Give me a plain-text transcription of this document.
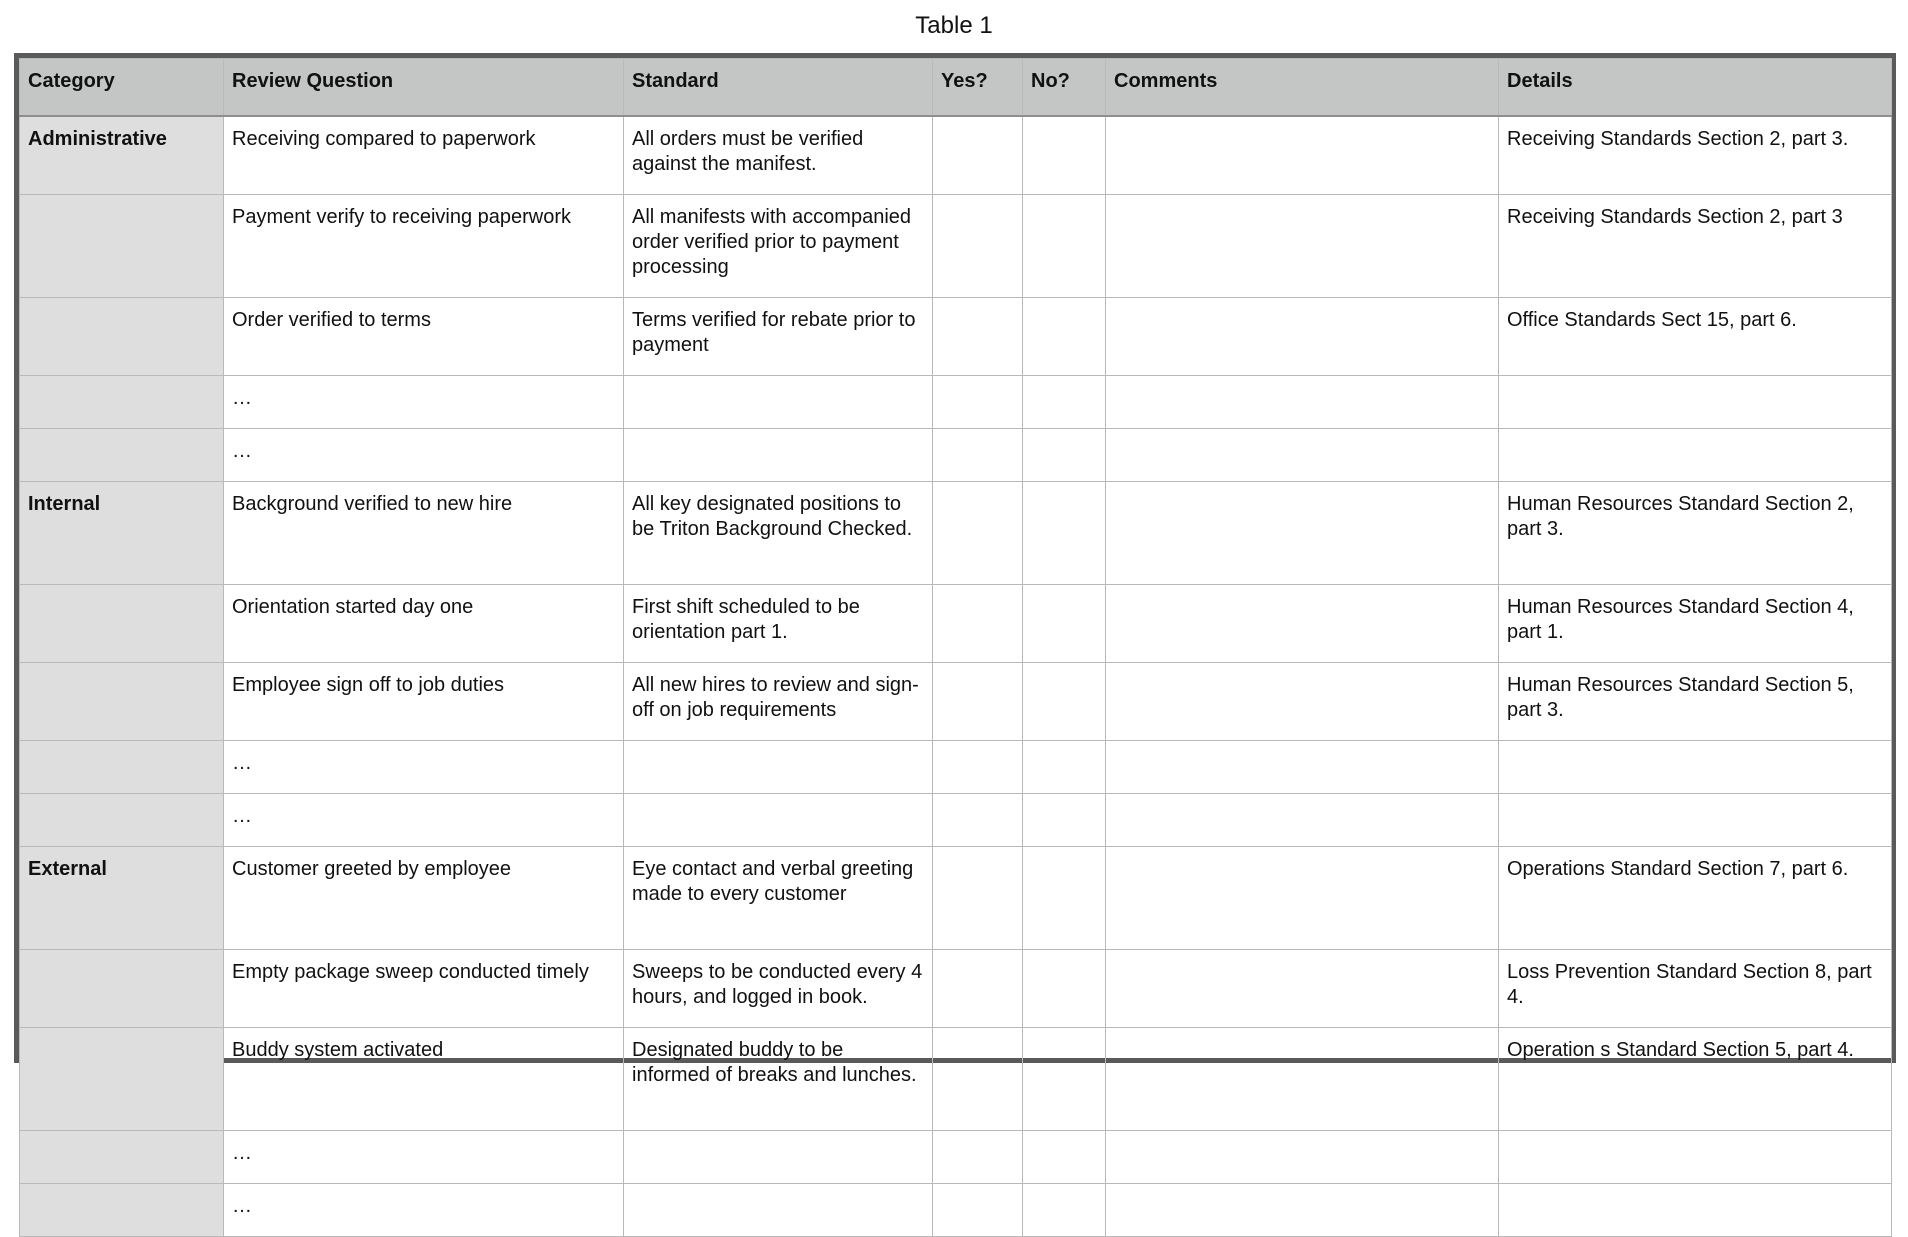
Table 1
Category	Review Question	Standard	Yes?	No?	Comments	Details
Administrative	Receiving compared to paperwork	All orders must be verified against the manifest.				Receiving Standards Section 2, part 3.
	Payment verify to receiving paperwork	All manifests with accompanied order verified prior to payment processing				Receiving Standards Section 2, part 3
	Order verified to terms	Terms verified for rebate prior to payment				Office Standards Sect 15, part 6.
	…					
	…					
Internal	Background verified to new hire	All key designated positions to be Triton Background Checked.				Human Resources Standard Section 2, part 3.
	Orientation started day one	First shift scheduled to be orientation part 1.				Human Resources Standard Section 4, part 1.
	Employee sign off to job duties	All new hires to review and sign-off on job requirements				Human Resources Standard Section 5, part 3.
	…					
	…					
External	Customer greeted by employee	Eye contact and verbal greeting made to every customer				Operations Standard Section 7, part 6.
	Empty package sweep conducted timely	Sweeps to be conducted every 4 hours, and logged in book.				Loss Prevention Standard Section 8, part 4.
	Buddy system activated	Designated buddy to be informed of breaks and lunches.				Operation s Standard Section 5, part 4.
	…					
	…					
